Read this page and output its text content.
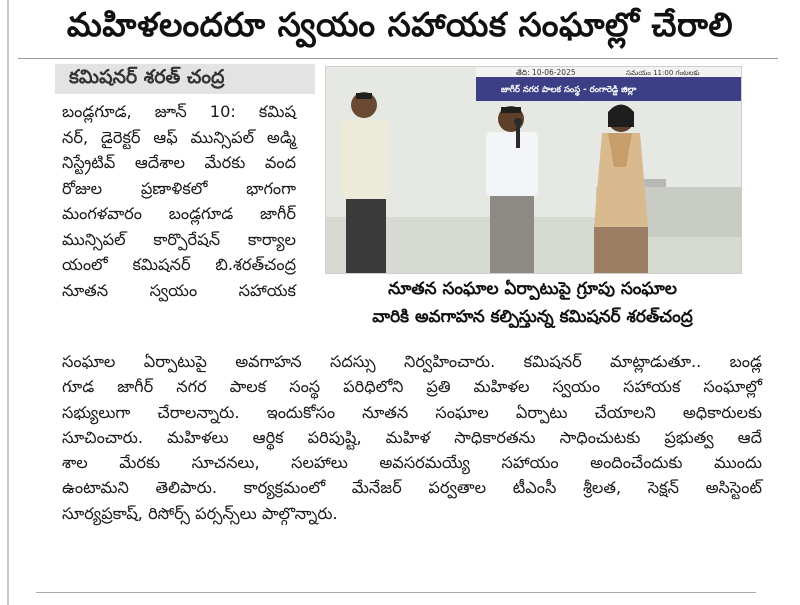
మహిళలందరూ స్వయం సహాయక సంఘాల్లో చేరాలి
కమిషనర్ శరత్ చంద్ర
బండ్లగూడ, జూన్ 10: కమిష
నర్, డైరెక్టర్ ఆఫ్ మున్సిపల్ అడ్మి
నిస్ట్రేటివ్ ఆదేశాల మేరకు వంద
రోజుల ప్రణాళికలో భాగంగా
మంగళవారం బండ్లగూడ జాగీర్
మున్సిపల్ కార్పొరేషన్ కార్యాల
యంలో కమిషనర్ బి.శరత్‌చంద్ర
నూతన స్వయం సహాయక
తేది: 10-06-2025	సమయం 11:00 గంటలకు
జాగీర్ నగర పాలక సంస్థ - రంగారెడ్డి జిల్లా
నూతన సంఘాల ఏర్పాటుపై గ్రూపు సంఘాల
వారికి అవగాహన కల్పిస్తున్న కమిషనర్ శరత్‌చంద్ర
సంఘాల ఏర్పాటుపై అవగాహన సదస్సు నిర్వహించారు. కమిషనర్ మాట్లాడుతూ.. బండ్ల
గూడ జాగీర్ నగర పాలక సంస్థ పరిధిలోని ప్రతి మహిళల స్వయం సహాయక సంఘాల్లో
సభ్యులుగా చేరాలన్నారు. ఇందుకోసం నూతన సంఘాల ఏర్పాటు చేయాలని అధికారులకు
సూచించారు. మహిళలు ఆర్థిక పరిపుష్టి, మహిళ సాధికారతను సాధించుటకు ప్రభుత్వ ఆదే
శాల మేరకు సూచనలు, సలహాలు అవసరమయ్యే సహాయం అందించేందుకు ముందు
ఉంటామని తెలిపారు. కార్యక్రమంలో మేనేజర్ పర్వతాల టీఎంసీ శ్రీలత, సెక్షన్ అసిస్టెంట్
సూర్యప్రకాష్, రిసోర్స్ పర్సన్స్‌లు పాల్గొన్నారు.
